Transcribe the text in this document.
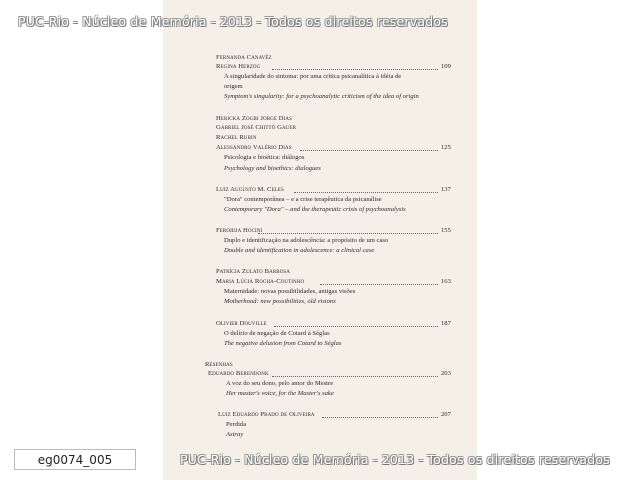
PUC-Rio - Núcleo de Memória - 2013 - Todos os direitos reservados
Fernanda Canavêz
Regina Herzog	109
A singularidade do sintoma: por uma crítica psicanalítica à idéia de
origem
Symptom's singularity: for a psychoanalytic criticism of the idea of origin
Hericka Zogbi Jorge Dias
Gabriel José Chittó Gauer
Rachel Rubin
Alessandro Valério Dias	125
Psicologia e bioética: diálogos
Psychology and bioethics: dialogues
Luiz Augusto M. Celes	137
"Dora" contemporânea – e a crise terapêutica da psicanálise
Contemporary "Dora" – and the therapeutic crisis of psychoanalysis
Feroidja Hocini	155
Duplo e identificação na adolescência: a propósito de um caso
Double and identification in adolescence: a clinical case
Patrícia Zulato Barbosa
Maria Lúcia Rocha-Coutinho	163
Maternidade: novas possibilidades, antigas visões
Motherhood: new possibilities, old visions
Olivier Douville	187
O delírio de negação de Cotard à Séglas
The negative delusion from Cotard to Séglas
Resenhas
Eduardo Berendonk	203
A voz do seu dono, pelo amor do Mestre
Her master's voice, for the Master's sake
Luiz Eduardo Prado de Oliveira	207
Perdida
Astray
PUC-Rio - Núcleo de Memória - 2013 - Todos os direitos reservados
eg0074_005
